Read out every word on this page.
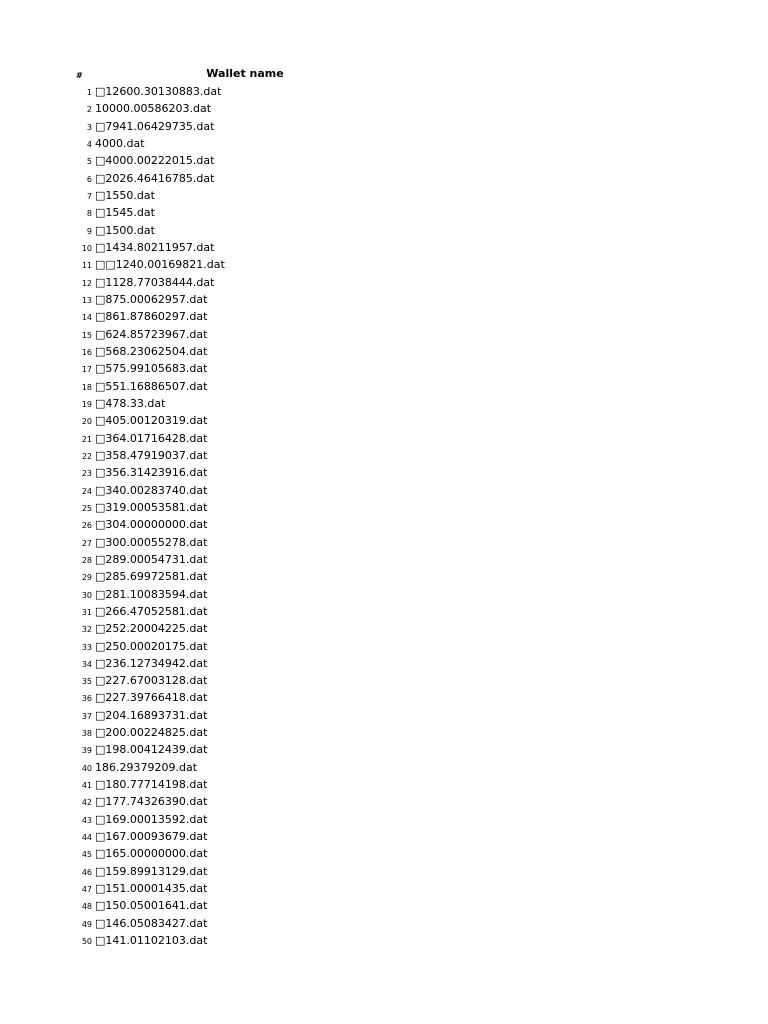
#	Wallet name
1 □12600.30130883.dat
2 10000.00586203.dat
3 □7941.06429735.dat
4 4000.dat
5 □4000.00222015.dat
6 □2026.46416785.dat
7 □1550.dat
8 □1545.dat
9 □1500.dat
10 □1434.80211957.dat
11 □□1240.00169821.dat
12 □1128.77038444.dat
13 □875.00062957.dat
14 □861.87860297.dat
15 □624.85723967.dat
16 □568.23062504.dat
17 □575.99105683.dat
18 □551.16886507.dat
19 □478.33.dat
20 □405.00120319.dat
21 □364.01716428.dat
22 □358.47919037.dat
23 □356.31423916.dat
24 □340.00283740.dat
25 □319.00053581.dat
26 □304.00000000.dat
27 □300.00055278.dat
28 □289.00054731.dat
29 □285.69972581.dat
30 □281.10083594.dat
31 □266.47052581.dat
32 □252.20004225.dat
33 □250.00020175.dat
34 □236.12734942.dat
35 □227.67003128.dat
36 □227.39766418.dat
37 □204.16893731.dat
38 □200.00224825.dat
39 □198.00412439.dat
40 186.29379209.dat
41 □180.77714198.dat
42 □177.74326390.dat
43 □169.00013592.dat
44 □167.00093679.dat
45 □165.00000000.dat
46 □159.89913129.dat
47 □151.00001435.dat
48 □150.05001641.dat
49 □146.05083427.dat
50 □141.01102103.dat
